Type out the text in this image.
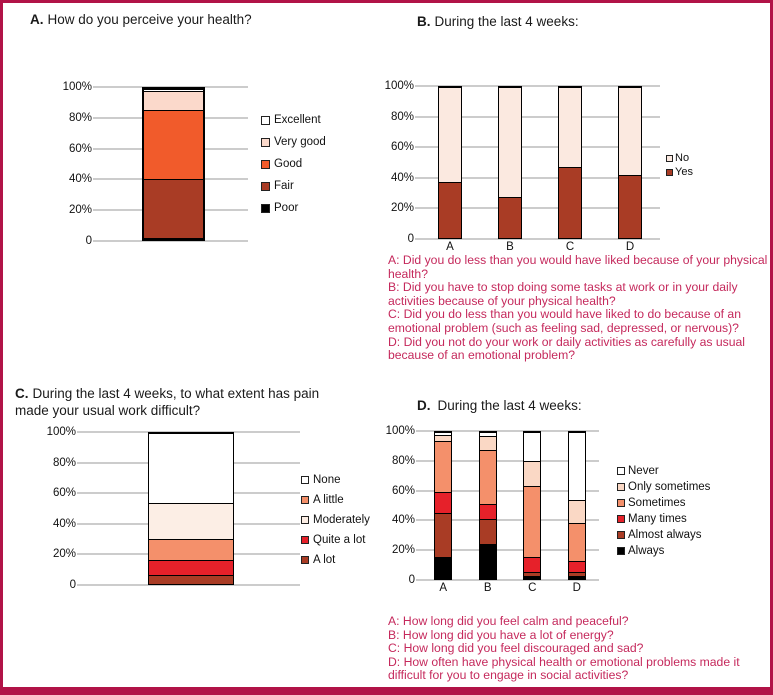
A. How do you perceive your health?
100%
80%
60%
40%
20%
0
Excellent
Very good
Good
Fair
Poor
B. During the last 4 weeks:
100%
80%
60%
40%
20%
0
A	B	C	D
No
Yes
A: Did you do less than you would have liked because of your physical health?
B: Did you have to stop doing some tasks at work or in your daily activities because of your physical health?
C: Did you do less than you would have liked to do because of an emotional problem (such as feeling sad, depressed, or nervous)?
D: Did you not do your work or daily activities as carefully as usual because of an emotional problem?
C. During the last 4 weeks, to what extent has pain made your usual work difficult?
100%
80%
60%
40%
20%
0
None
A little
Moderately
Quite a lot
A lot
D. During the last 4 weeks:
100%
80%
60%
40%
20%
0
A	B	C	D
Never
Only sometimes
Sometimes
Many times
Almost always
Always
A: How long did you feel calm and peaceful?
B: How long did you have a lot of energy?
C: How long did you feel discouraged and sad?
D: How often have physical health or emotional problems made it difficult for you to engage in social activities?
